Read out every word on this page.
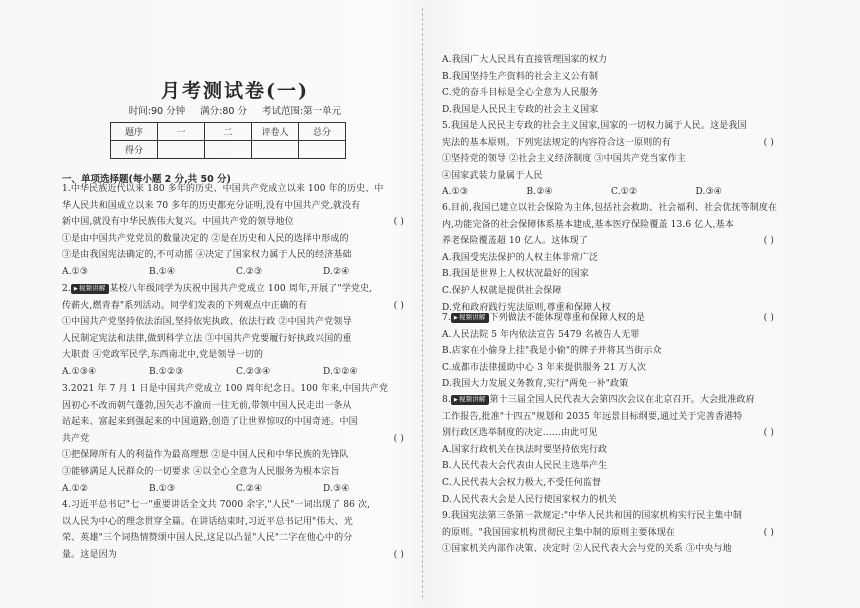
月考测试卷(一)
时间:90 分钟 满分:80 分 考试范围:第一单元
题序	一	二	评卷人	总分
得分				
一、单项选择题(每小题 2 分,共 50 分)
1.中华民族近代以来 180 多年的历史、中国共产党成立以来 100 年的历史、中
华人民共和国成立以来 70 多年的历史都充分证明,没有中国共产党,就没有
新中国,就没有中华民族伟大复兴。中国共产党的领导地位	( )
①是由中国共产党党员的数量决定的 ②是在历史和人民的选择中形成的
③是由我国宪法确定的,不可动摇 ④决定了国家权力属于人民的经济基础
A.①③	B.①④	C.②③	D.②④
2. ▶ 视频讲解 某校八年级同学为庆祝中国共产党成立 100 周年,开展了"学党史,
传薪火,燃青春"系列活动。同学们发表的下列观点中正确的有	( )
①中国共产党坚持依法治国,坚持依宪执政、依法行政 ②中国共产党领导
人民制定宪法和法律,做到科学立法 ③中国共产党要履行好执政兴国的重
大职责 ④党政军民学,东西南北中,党是领导一切的
A.①③④	B.①②③	C.②③④	D.①②④
3.2021 年 7 月 1 日是中国共产党成立 100 周年纪念日。100 年来,中国共产党
因初心不改而朝气蓬勃,因矢志不渝而一往无前,带领中国人民走出一条从
站起来、富起来到强起来的中国道路,创造了让世界惊叹的中国奇迹。中国
共产党	( )
①把保障所有人的利益作为最高理想 ②是中国人民和中华民族的先锋队
③能够满足人民群众的一切要求 ④以全心全意为人民服务为根本宗旨
A.①②	B.①③	C.②④	D.③④
4.习近平总书记"七一"重要讲话全文共 7000 余字,"人民"一词出现了 86 次,
以人民为中心的理念贯穿全篇。在讲话结束时,习近平总书记用"伟大、光
荣、英雄"三个词热情赞颂中国人民,这足以凸显"人民"二字在他心中的分
量。这是因为	( )
A.我国广大人民具有直接管理国家的权力
B.我国坚持生产资料的社会主义公有制
C.党的奋斗目标是全心全意为人民服务
D.我国是人民民主专政的社会主义国家
5.我国是人民民主专政的社会主义国家,国家的一切权力属于人民。这是我国
宪法的基本原则。下列宪法规定的内容符合这一原则的有	( )
①坚持党的领导 ②社会主义经济制度 ③中国共产党当家作主
④国家武装力量属于人民
A.①③	B.②④	C.①②	D.③④
6.目前,我国已建立以社会保险为主体,包括社会救助、社会福利、社会优抚等制度在
内,功能完备的社会保障体系基本建成,基本医疗保险覆盖 13.6 亿人,基本
养老保险覆盖超 10 亿人。这体现了	( )
A.我国受宪法保护的人权主体非常广泛
B.我国是世界上人权状况最好的国家
C.保护人权就是提供社会保障
D.党和政府践行宪法原则,尊重和保障人权
7. ▶ 视频讲解 下列做法不能体现尊重和保障人权的是	( )
A.人民法院 5 年内依法宣告 5479 名被告人无罪
B.店家在小偷身上挂"我是小偷"的牌子并将其当街示众
C.成都市法律援助中心 3 年来提供服务 21 万人次
D.我国大力发展义务教育,实行"两免一补"政策
8. ▶ 视频讲解 第十三届全国人民代表大会第四次会议在北京召开。大会批准政府
工作报告,批准"十四五"规划和 2035 年远景目标纲要,通过关于完善香港特
别行政区选举制度的决定……由此可见	( )
A.国家行政机关在执法时要坚持依宪行政
B.人民代表大会代表由人民民主选举产生
C.人民代表大会权力极大,不受任何监督
D.人民代表大会是人民行使国家权力的机关
9.我国宪法第三条第一款规定:"中华人民共和国的国家机构实行民主集中制
的原则。"我国国家机构贯彻民主集中制的原则主要体现在	( )
①国家机关内部作决策、决定时 ②人民代表大会与党的关系 ③中央与地
